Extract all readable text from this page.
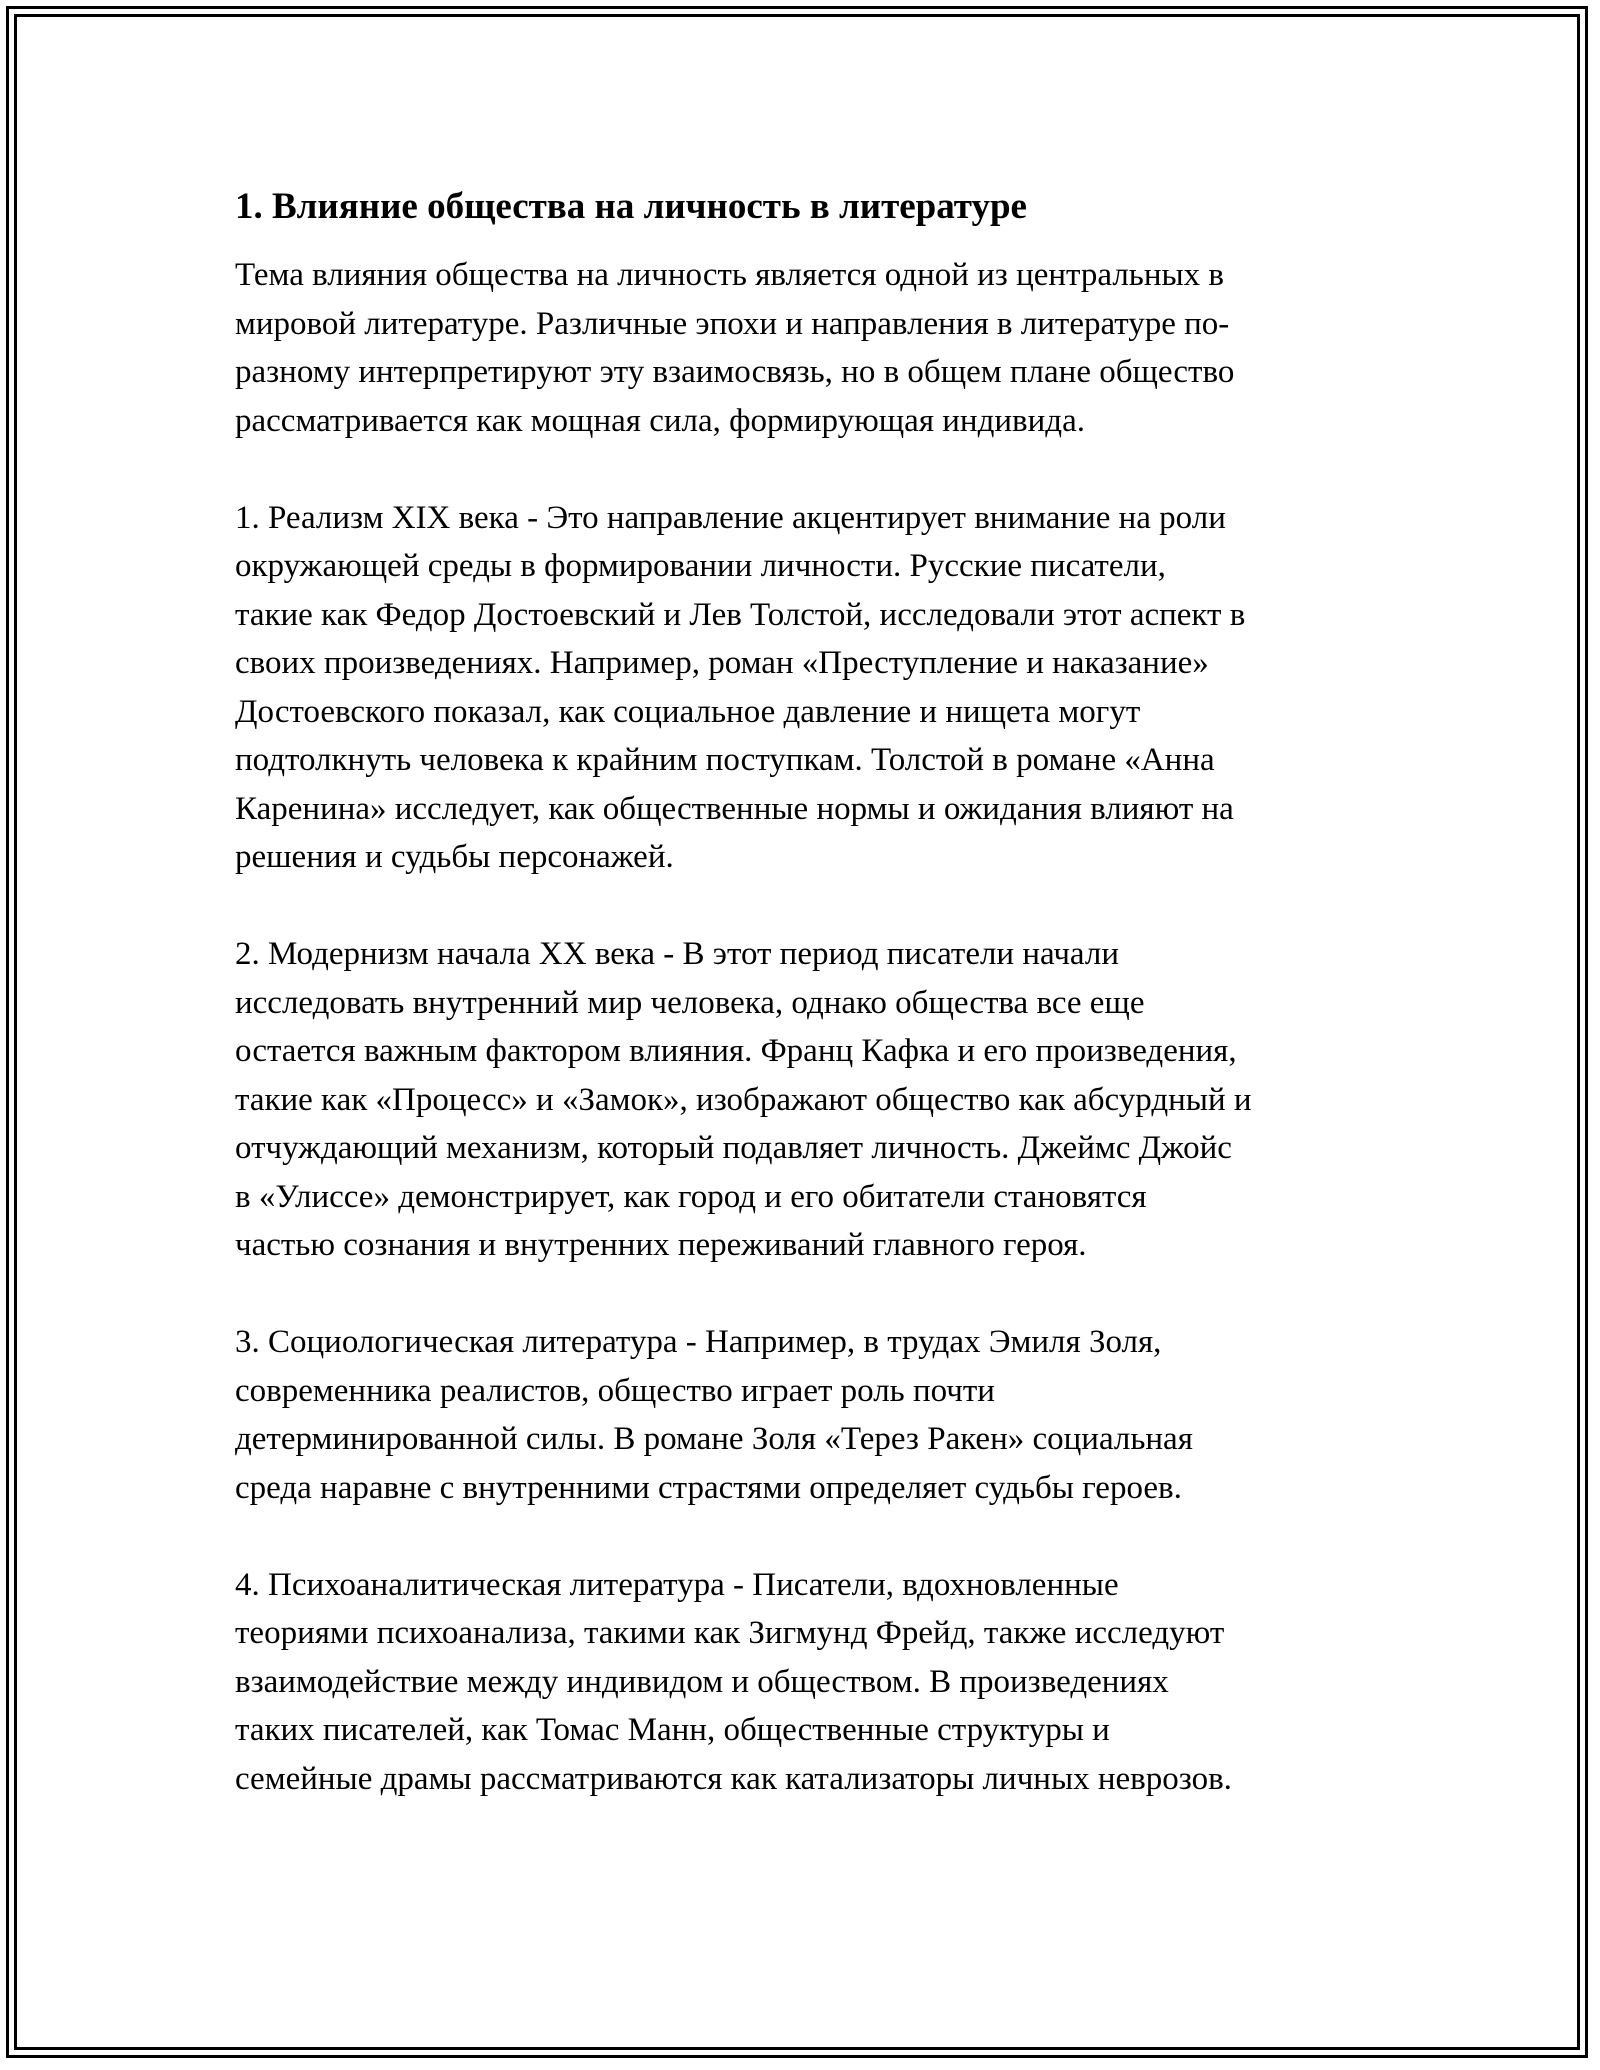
1. Влияние общества на личность в литературе
Тема влияния общества на личность является одной из центральных в
мировой литературе. Различные эпохи и направления в литературе по-
разному интерпретируют эту взаимосвязь, но в общем плане общество
рассматривается как мощная сила, формирующая индивида.
1. Реализм XIX века - Это направление акцентирует внимание на роли
окружающей среды в формировании личности. Русские писатели,
такие как Федор Достоевский и Лев Толстой, исследовали этот аспект в
своих произведениях. Например, роман «Преступление и наказание»
Достоевского показал, как социальное давление и нищета могут
подтолкнуть человека к крайним поступкам. Толстой в романе «Анна
Каренина» исследует, как общественные нормы и ожидания влияют на
решения и судьбы персонажей.
2. Модернизм начала XX века - В этот период писатели начали
исследовать внутренний мир человека, однако общества все еще
остается важным фактором влияния. Франц Кафка и его произведения,
такие как «Процесс» и «Замок», изображают общество как абсурдный и
отчуждающий механизм, который подавляет личность. Джеймс Джойс
в «Улиссе» демонстрирует, как город и его обитатели становятся
частью сознания и внутренних переживаний главного героя.
3. Социологическая литература - Например, в трудах Эмиля Золя,
современника реалистов, общество играет роль почти
детерминированной силы. В романе Золя «Терез Ракен» социальная
среда наравне с внутренними страстями определяет судьбы героев.
4. Психоаналитическая литература - Писатели, вдохновленные
теориями психоанализа, такими как Зигмунд Фрейд, также исследуют
взаимодействие между индивидом и обществом. В произведениях
таких писателей, как Томас Манн, общественные структуры и
семейные драмы рассматриваются как катализаторы личных неврозов.
